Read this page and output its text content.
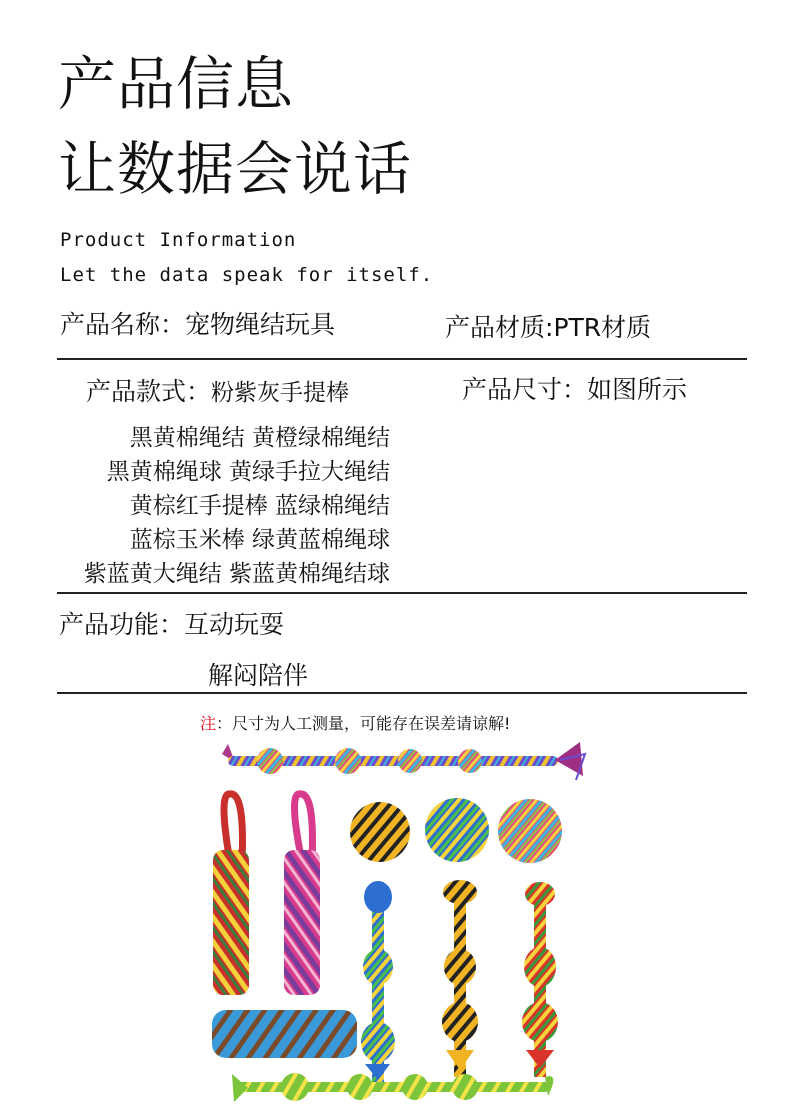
产品信息
让数据会说话
Product Information
Let the data speak for itself.
产品名称：宠物绳结玩具	产品材质:PTR材质
产品款式：粉紫灰手提棒	产品尺寸：如图所示
黑黄棉绳结 黄橙绿棉绳结
黑黄棉绳球 黄绿手拉大绳结
黄棕红手提棒 蓝绿棉绳结
蓝棕玉米棒 绿黄蓝棉绳球
紫蓝黄大绳结 紫蓝黄棉绳结球
产品功能：互动玩耍
解闷陪伴
注：尺寸为人工测量，可能存在误差请谅解!
